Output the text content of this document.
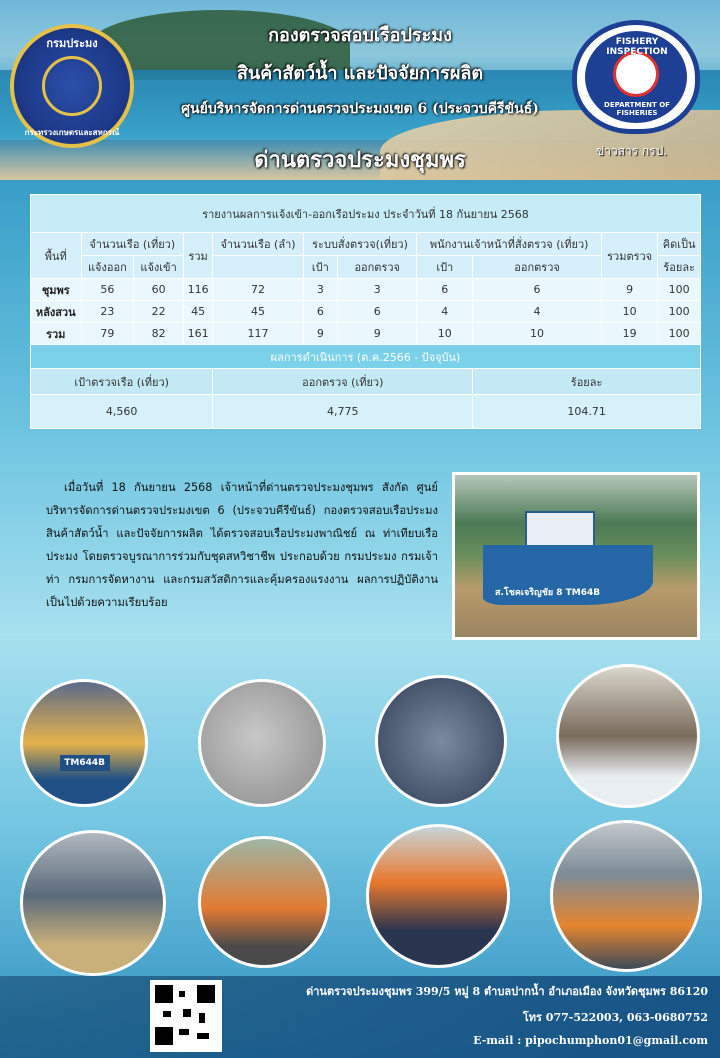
กรมประมง
กระทรวงเกษตรและสหกรณ์
กองตรวจสอบเรือประมง
สินค้าสัตว์น้ำ และปัจจัยการผลิต
ศูนย์บริหารจัดการด่านตรวจประมงเขต 6 (ประจวบคีรีขันธ์)
ด่านตรวจประมงชุมพร
FISHERY INSPECTION
DEPARTMENT OF FISHERIES
ข่าวสาร กรป.
รายงานผลการแจ้งเข้า-ออกเรือประมง ประจำวันที่ 18 กันยายน 2568										
พื้นที่	จำนวนเรือ (เที่ยว)		รวม	จำนวนเรือ (ลำ)	ระบบสั่งตรวจ(เที่ยว)		พนักงานเจ้าหน้าที่สั่งตรวจ (เที่ยว)		รวมตรวจ	คิดเป็น
	แจ้งออก	แจ้งเข้า			เป้า	ออกตรวจ	เป้า	ออกตรวจ		ร้อยละ
ชุมพร	56	60	116	72	3	3	6	6	9	100
หลังสวน	23	22	45	45	6	6	4	4	10	100
รวม	79	82	161	117	9	9	10	10	19	100
ผลการดำเนินการ (ต.ค.2566 - ปัจจุบัน)										
เป้าตรวจเรือ (เที่ยว)				ออกตรวจ (เที่ยว)				ร้อยละ		
4,560				4,775				104.71		

เมื่อวันที่ 18 กันยายน 2568 เจ้าหน้าที่ด่านตรวจประมงชุมพร สังกัด ศูนย์บริหารจัดการด่านตรวจประมงเขต 6 (ประจวบคีรีขันธ์) กองตรวจสอบเรือประมง สินค้าสัตว์น้ำ และปัจจัยการผลิต ได้ตรวจสอบเรือประมงพาณิชย์ ณ ท่าเทียบเรือประมง โดยตรวจบูรณาการร่วมกับชุดสหวิชาชีพ ประกอบด้วย กรมประมง กรมเจ้าท่า กรมการจัดหางาน และกรมสวัสดิการและคุ้มครองแรงงาน ผลการปฏิบัติงานเป็นไปด้วยความเรียบร้อย

ส.โชคเจริญชัย 8 TM64B
TM644B
ด่านตรวจประมงชุมพร 399/5 หมู่ 8 ตำบลปากน้ำ อำเภอเมือง จังหวัดชุมพร 86120
โทร 077-522003, 063-0680752
E-mail : pipochumphon01@gmail.com
